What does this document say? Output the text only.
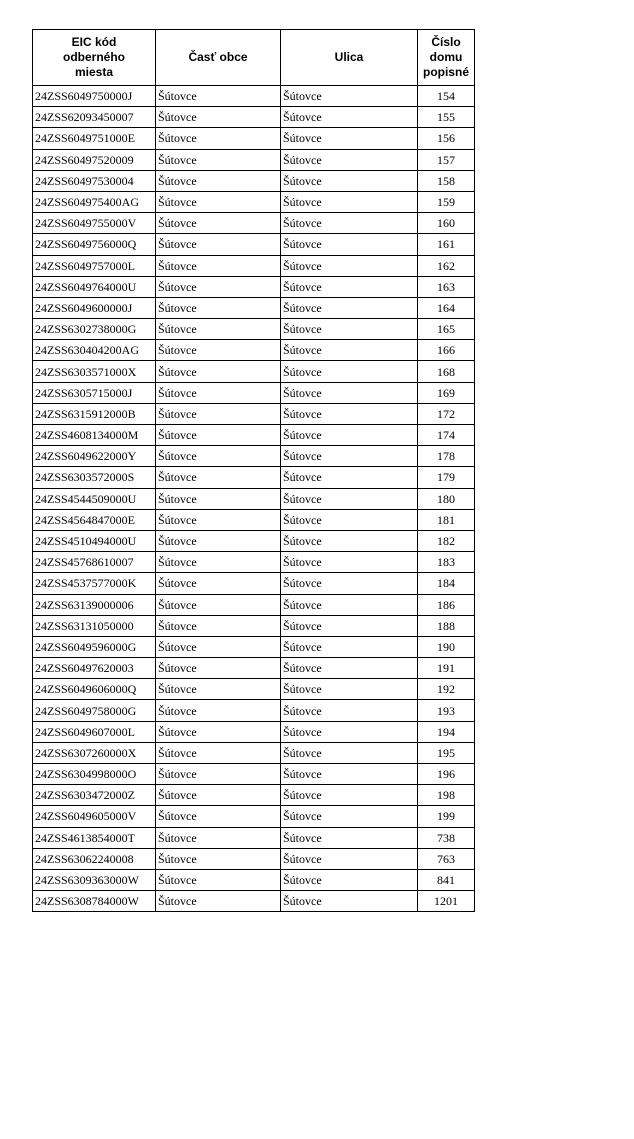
EIC kód
odberného
miesta	Časť obce	Ulica	Číslo
domu
popisné
24ZSS6049750000J	Šútovce	Šútovce	154
24ZSS62093450007	Šútovce	Šútovce	155
24ZSS6049751000E	Šútovce	Šútovce	156
24ZSS60497520009	Šútovce	Šútovce	157
24ZSS60497530004	Šútovce	Šútovce	158
24ZSS604975400AG	Šútovce	Šútovce	159
24ZSS6049755000V	Šútovce	Šútovce	160
24ZSS6049756000Q	Šútovce	Šútovce	161
24ZSS6049757000L	Šútovce	Šútovce	162
24ZSS6049764000U	Šútovce	Šútovce	163
24ZSS6049600000J	Šútovce	Šútovce	164
24ZSS6302738000G	Šútovce	Šútovce	165
24ZSS630404200AG	Šútovce	Šútovce	166
24ZSS6303571000X	Šútovce	Šútovce	168
24ZSS6305715000J	Šútovce	Šútovce	169
24ZSS6315912000B	Šútovce	Šútovce	172
24ZSS4608134000M	Šútovce	Šútovce	174
24ZSS6049622000Y	Šútovce	Šútovce	178
24ZSS6303572000S	Šútovce	Šútovce	179
24ZSS4544509000U	Šútovce	Šútovce	180
24ZSS4564847000E	Šútovce	Šútovce	181
24ZSS4510494000U	Šútovce	Šútovce	182
24ZSS45768610007	Šútovce	Šútovce	183
24ZSS4537577000K	Šútovce	Šútovce	184
24ZSS63139000006	Šútovce	Šútovce	186
24ZSS63131050000	Šútovce	Šútovce	188
24ZSS6049596000G	Šútovce	Šútovce	190
24ZSS60497620003	Šútovce	Šútovce	191
24ZSS6049606000Q	Šútovce	Šútovce	192
24ZSS6049758000G	Šútovce	Šútovce	193
24ZSS6049607000L	Šútovce	Šútovce	194
24ZSS6307260000X	Šútovce	Šútovce	195
24ZSS6304998000O	Šútovce	Šútovce	196
24ZSS6303472000Z	Šútovce	Šútovce	198
24ZSS6049605000V	Šútovce	Šútovce	199
24ZSS4613854000T	Šútovce	Šútovce	738
24ZSS63062240008	Šútovce	Šútovce	763
24ZSS6309363000W	Šútovce	Šútovce	841
24ZSS6308784000W	Šútovce	Šútovce	1201
